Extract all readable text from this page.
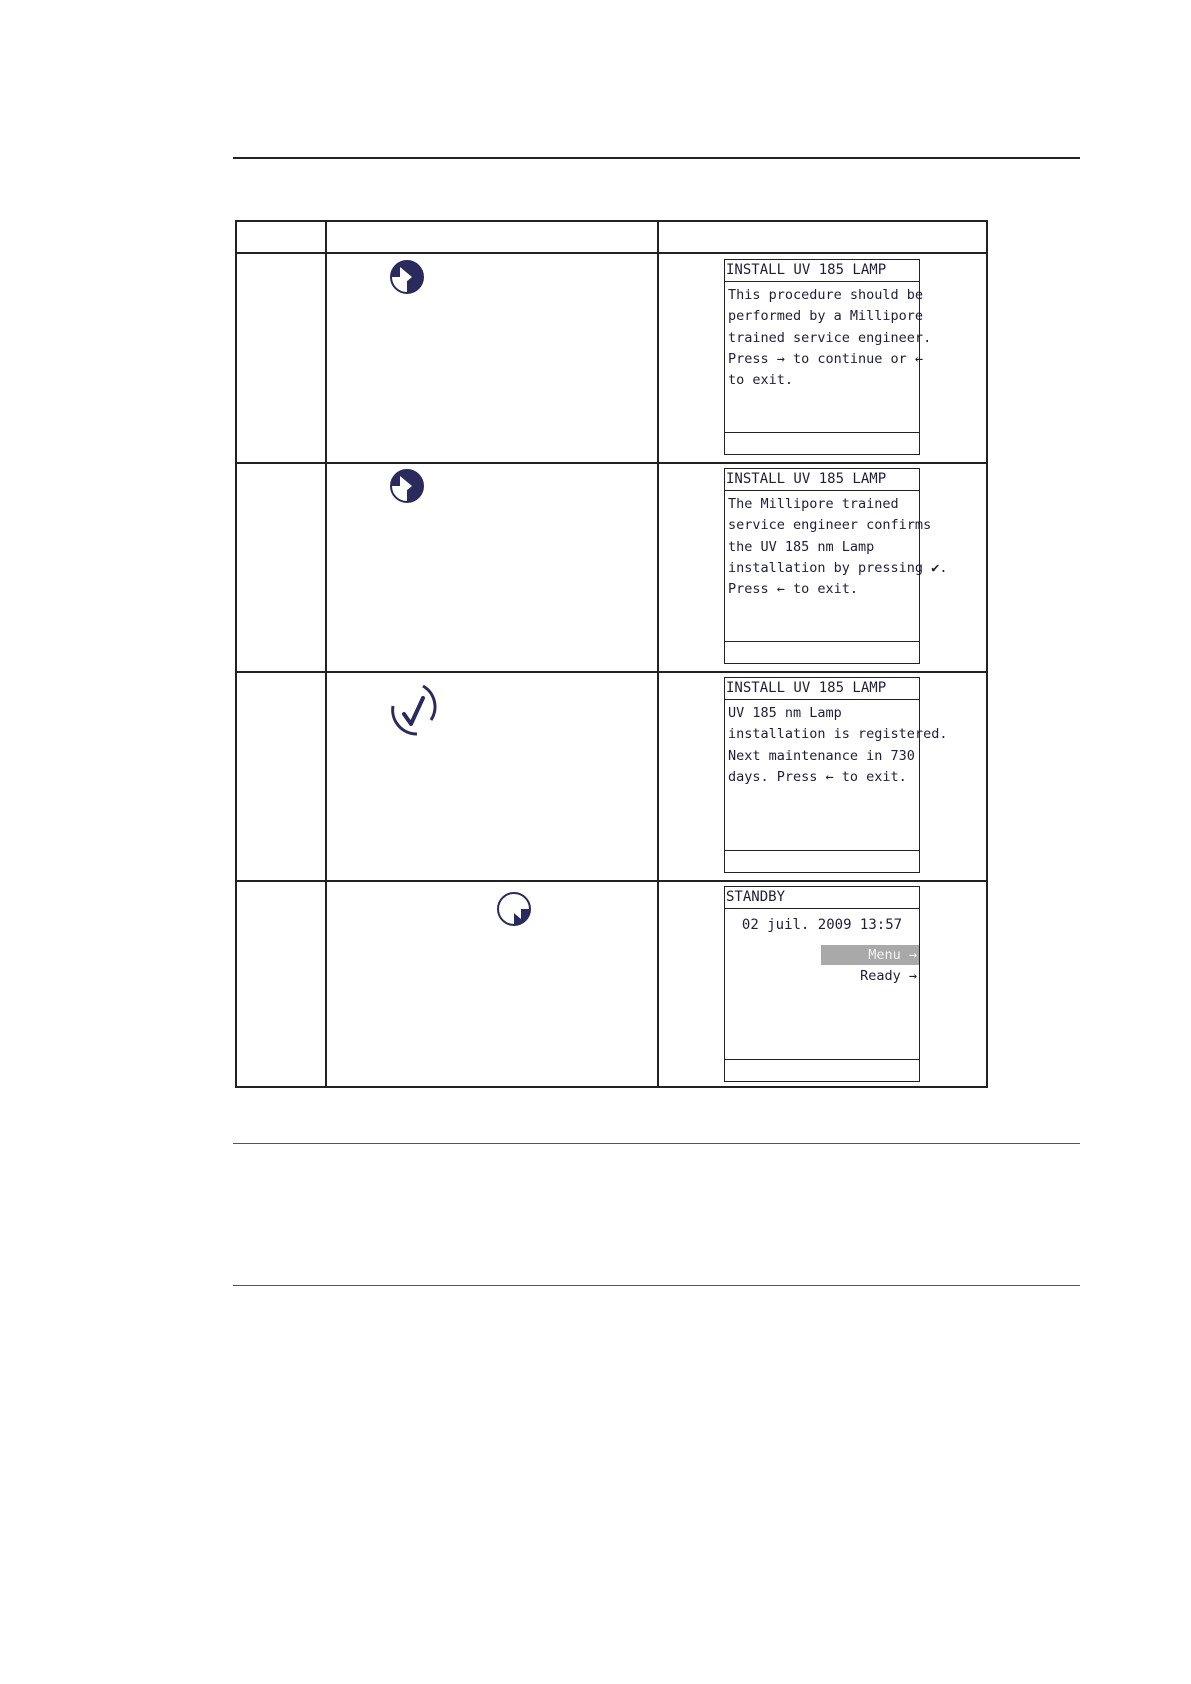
INSTALL UV 185 LAMP
This procedure should be
performed by a Millipore
trained service engineer.
Press → to continue or ←
to exit.
INSTALL UV 185 LAMP
The Millipore trained
service engineer confirms
the UV 185 nm Lamp
installation by pressing ✔.
Press ← to exit.
INSTALL UV 185 LAMP
UV 185 nm Lamp
installation is registered.
Next maintenance in 730
days. Press ← to exit.
STANDBY
02 juil. 2009 13:57
Menu →
Ready →
